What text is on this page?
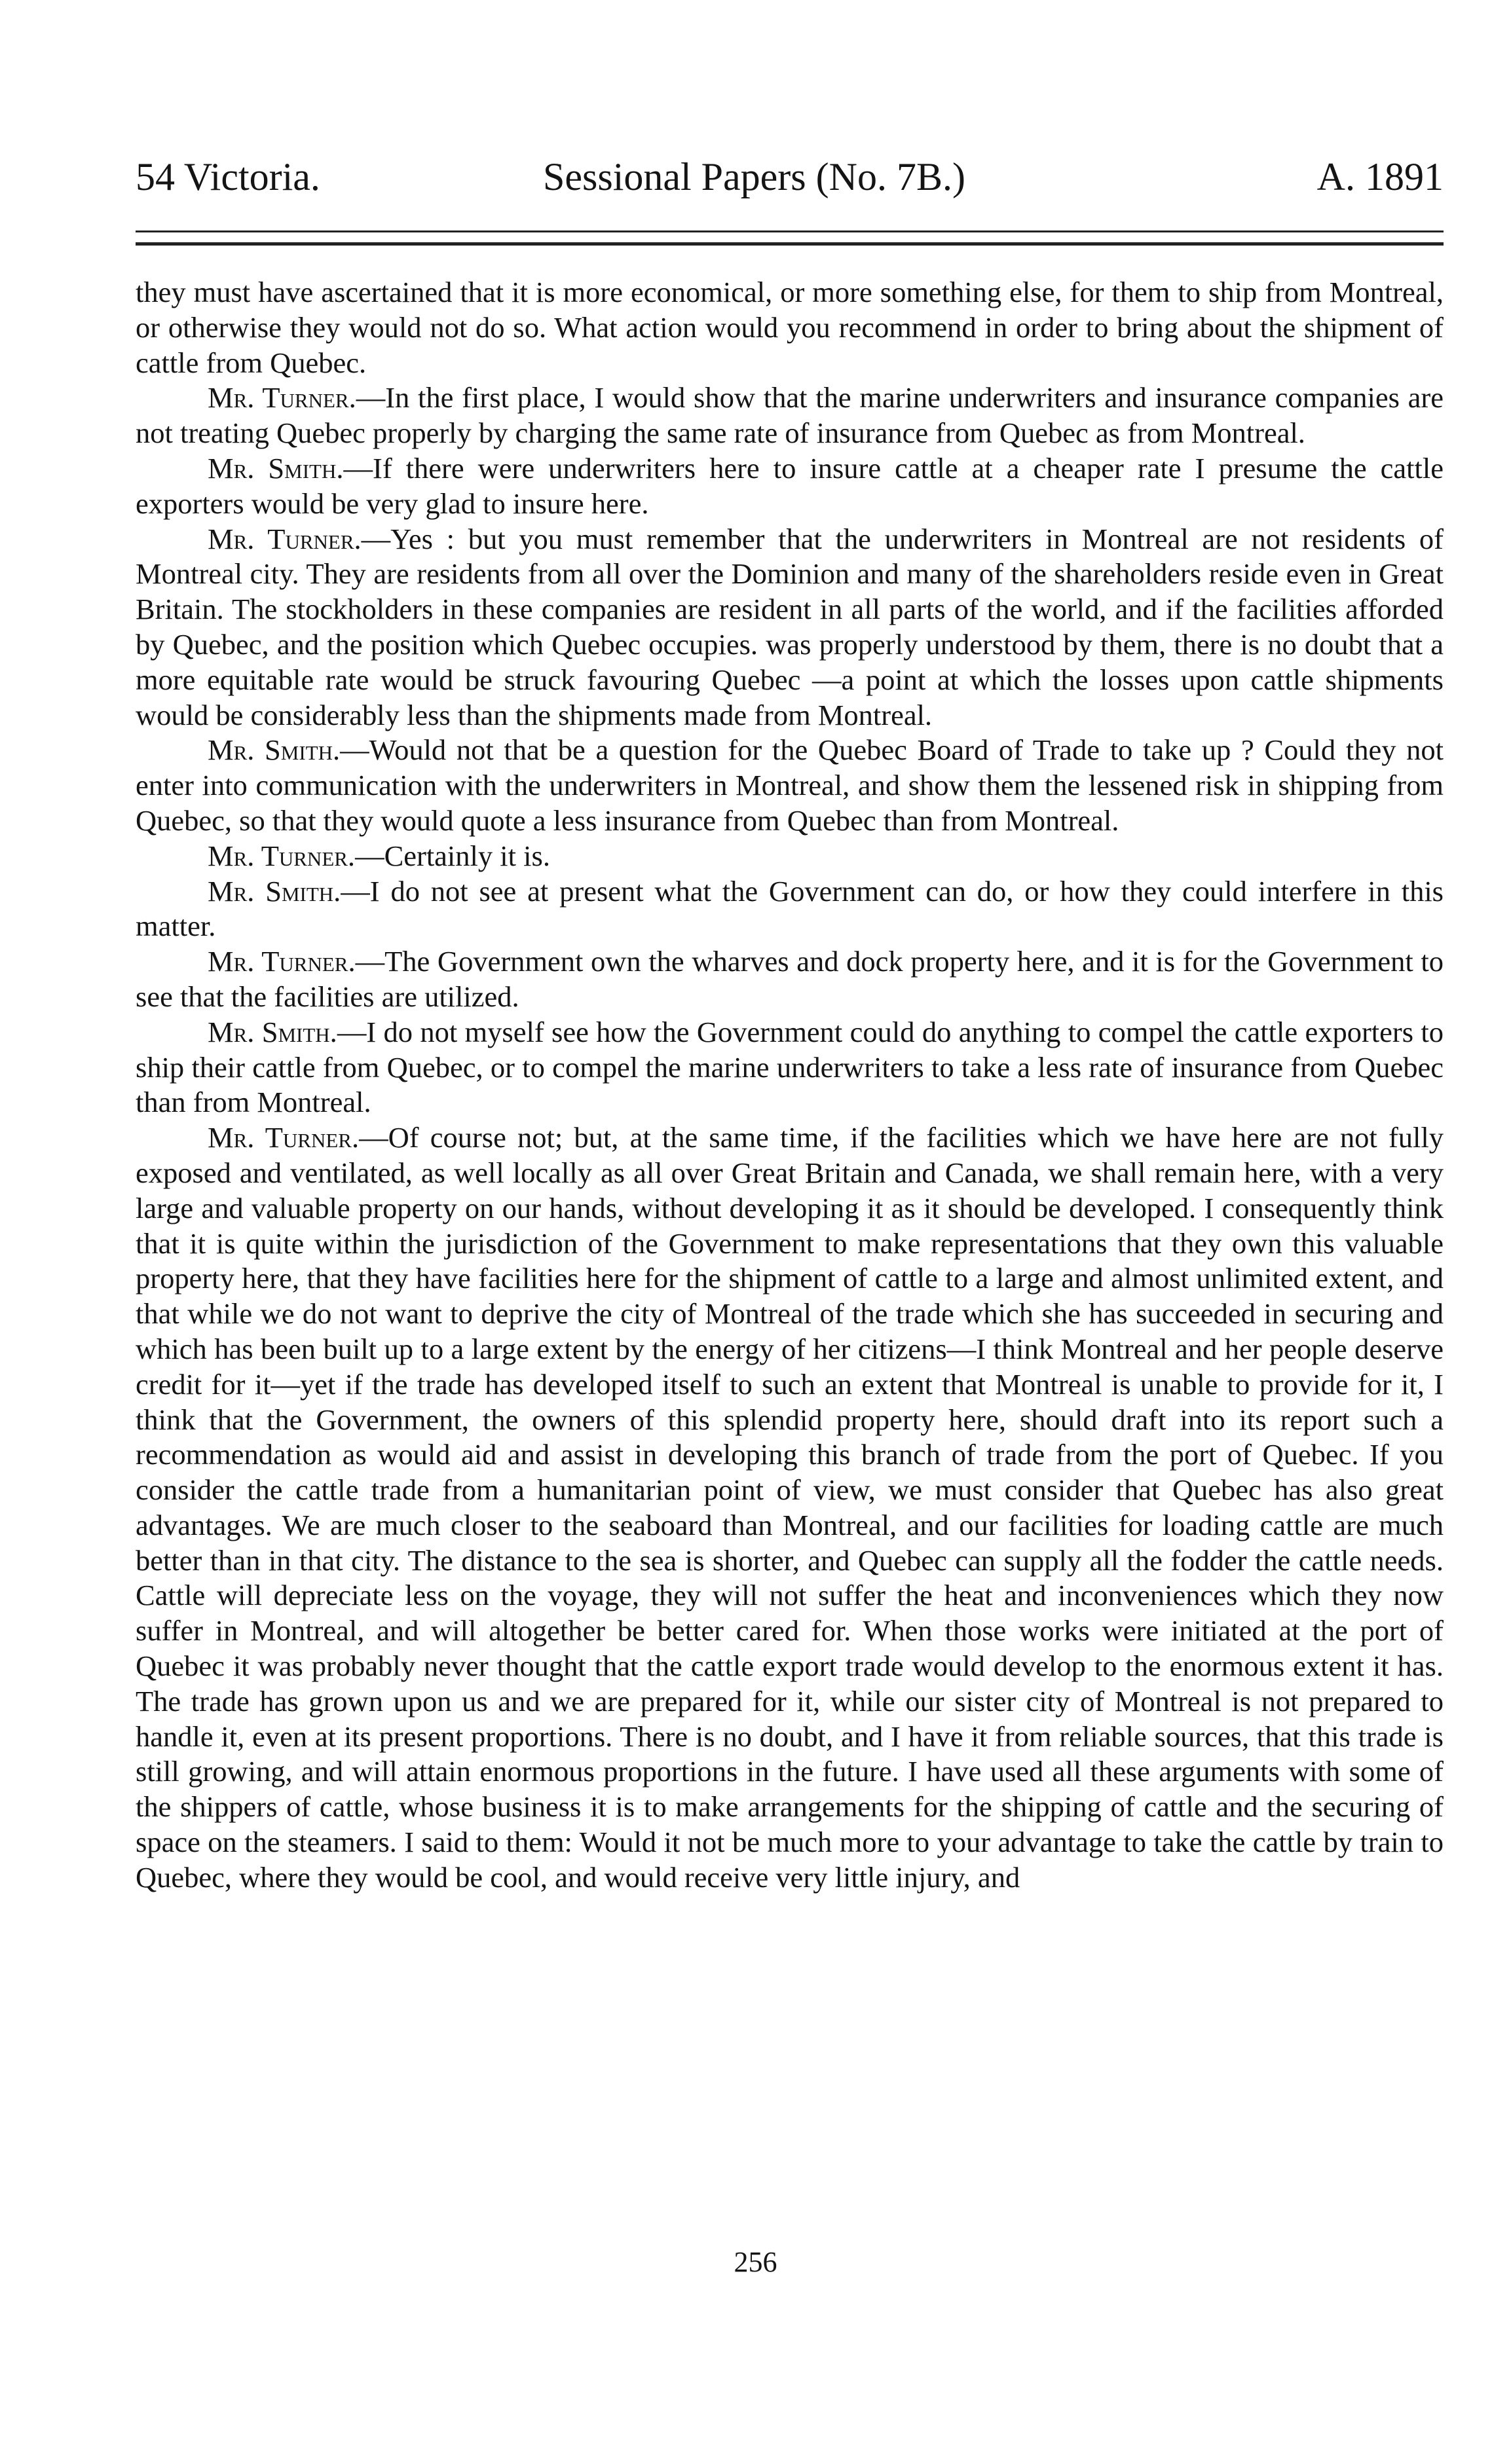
54 Victoria.	Sessional Papers (No. 7B.)	A. 1891

they must have ascertained that it is more economical, or more something else, for them to ship from Montreal, or otherwise they would not do so. What action would you recommend in order to bring about the shipment of cattle from Quebec.

Mr. Turner.—In the first place, I would show that the marine underwriters and insurance companies are not treating Quebec properly by charging the same rate of insurance from Quebec as from Montreal.

Mr. Smith.—If there were underwriters here to insure cattle at a cheaper rate I presume the cattle exporters would be very glad to insure here.

Mr. Turner.—Yes : but you must remember that the underwriters in Montreal are not residents of Montreal city. They are residents from all over the Dominion and many of the shareholders reside even in Great Britain. The stockholders in these companies are resident in all parts of the world, and if the facilities afforded by Quebec, and the position which Quebec occupies. was properly understood by them, there is no doubt that a more equitable rate would be struck favouring Quebec —a point at which the losses upon cattle shipments would be considerably less than the shipments made from Montreal.

Mr. Smith.—Would not that be a question for the Quebec Board of Trade to take up ? Could they not enter into communication with the underwriters in Montreal, and show them the lessened risk in shipping from Quebec, so that they would quote a less insurance from Quebec than from Montreal.

Mr. Turner.—Certainly it is.

Mr. Smith.—I do not see at present what the Government can do, or how they could interfere in this matter.

Mr. Turner.—The Government own the wharves and dock property here, and it is for the Government to see that the facilities are utilized.

Mr. Smith.—I do not myself see how the Government could do anything to compel the cattle exporters to ship their cattle from Quebec, or to compel the marine underwriters to take a less rate of insurance from Quebec than from Montreal.

Mr. Turner.—Of course not; but, at the same time, if the facilities which we have here are not fully exposed and ventilated, as well locally as all over Great Britain and Canada, we shall remain here, with a very large and valuable property on our hands, without developing it as it should be developed. I consequently think that it is quite within the jurisdiction of the Government to make representations that they own this valuable property here, that they have facilities here for the shipment of cattle to a large and almost unlimited extent, and that while we do not want to deprive the city of Montreal of the trade which she has succeeded in securing and which has been built up to a large extent by the energy of her citizens—I think Montreal and her people deserve credit for it—yet if the trade has developed itself to such an extent that Montreal is unable to provide for it, I think that the Government, the owners of this splendid property here, should draft into its report such a recommendation as would aid and assist in developing this branch of trade from the port of Quebec. If you consider the cattle trade from a humanitarian point of view, we must consider that Quebec has also great advantages. We are much closer to the seaboard than Montreal, and our facilities for loading cattle are much better than in that city. The distance to the sea is shorter, and Quebec can supply all the fodder the cattle needs. Cattle will depreciate less on the voyage, they will not suffer the heat and inconveniences which they now suffer in Montreal, and will altogether be better cared for. When those works were initiated at the port of Quebec it was probably never thought that the cattle export trade would develop to the enormous extent it has. The trade has grown upon us and we are prepared for it, while our sister city of Montreal is not prepared to handle it, even at its present proportions. There is no doubt, and I have it from reliable sources, that this trade is still growing, and will attain enormous proportions in the future. I have used all these arguments with some of the shippers of cattle, whose business it is to make arrangements for the shipping of cattle and the securing of space on the steamers. I said to them: Would it not be much more to your advantage to take the cattle by train to Quebec, where they would be cool, and would receive very little injury, and

256
